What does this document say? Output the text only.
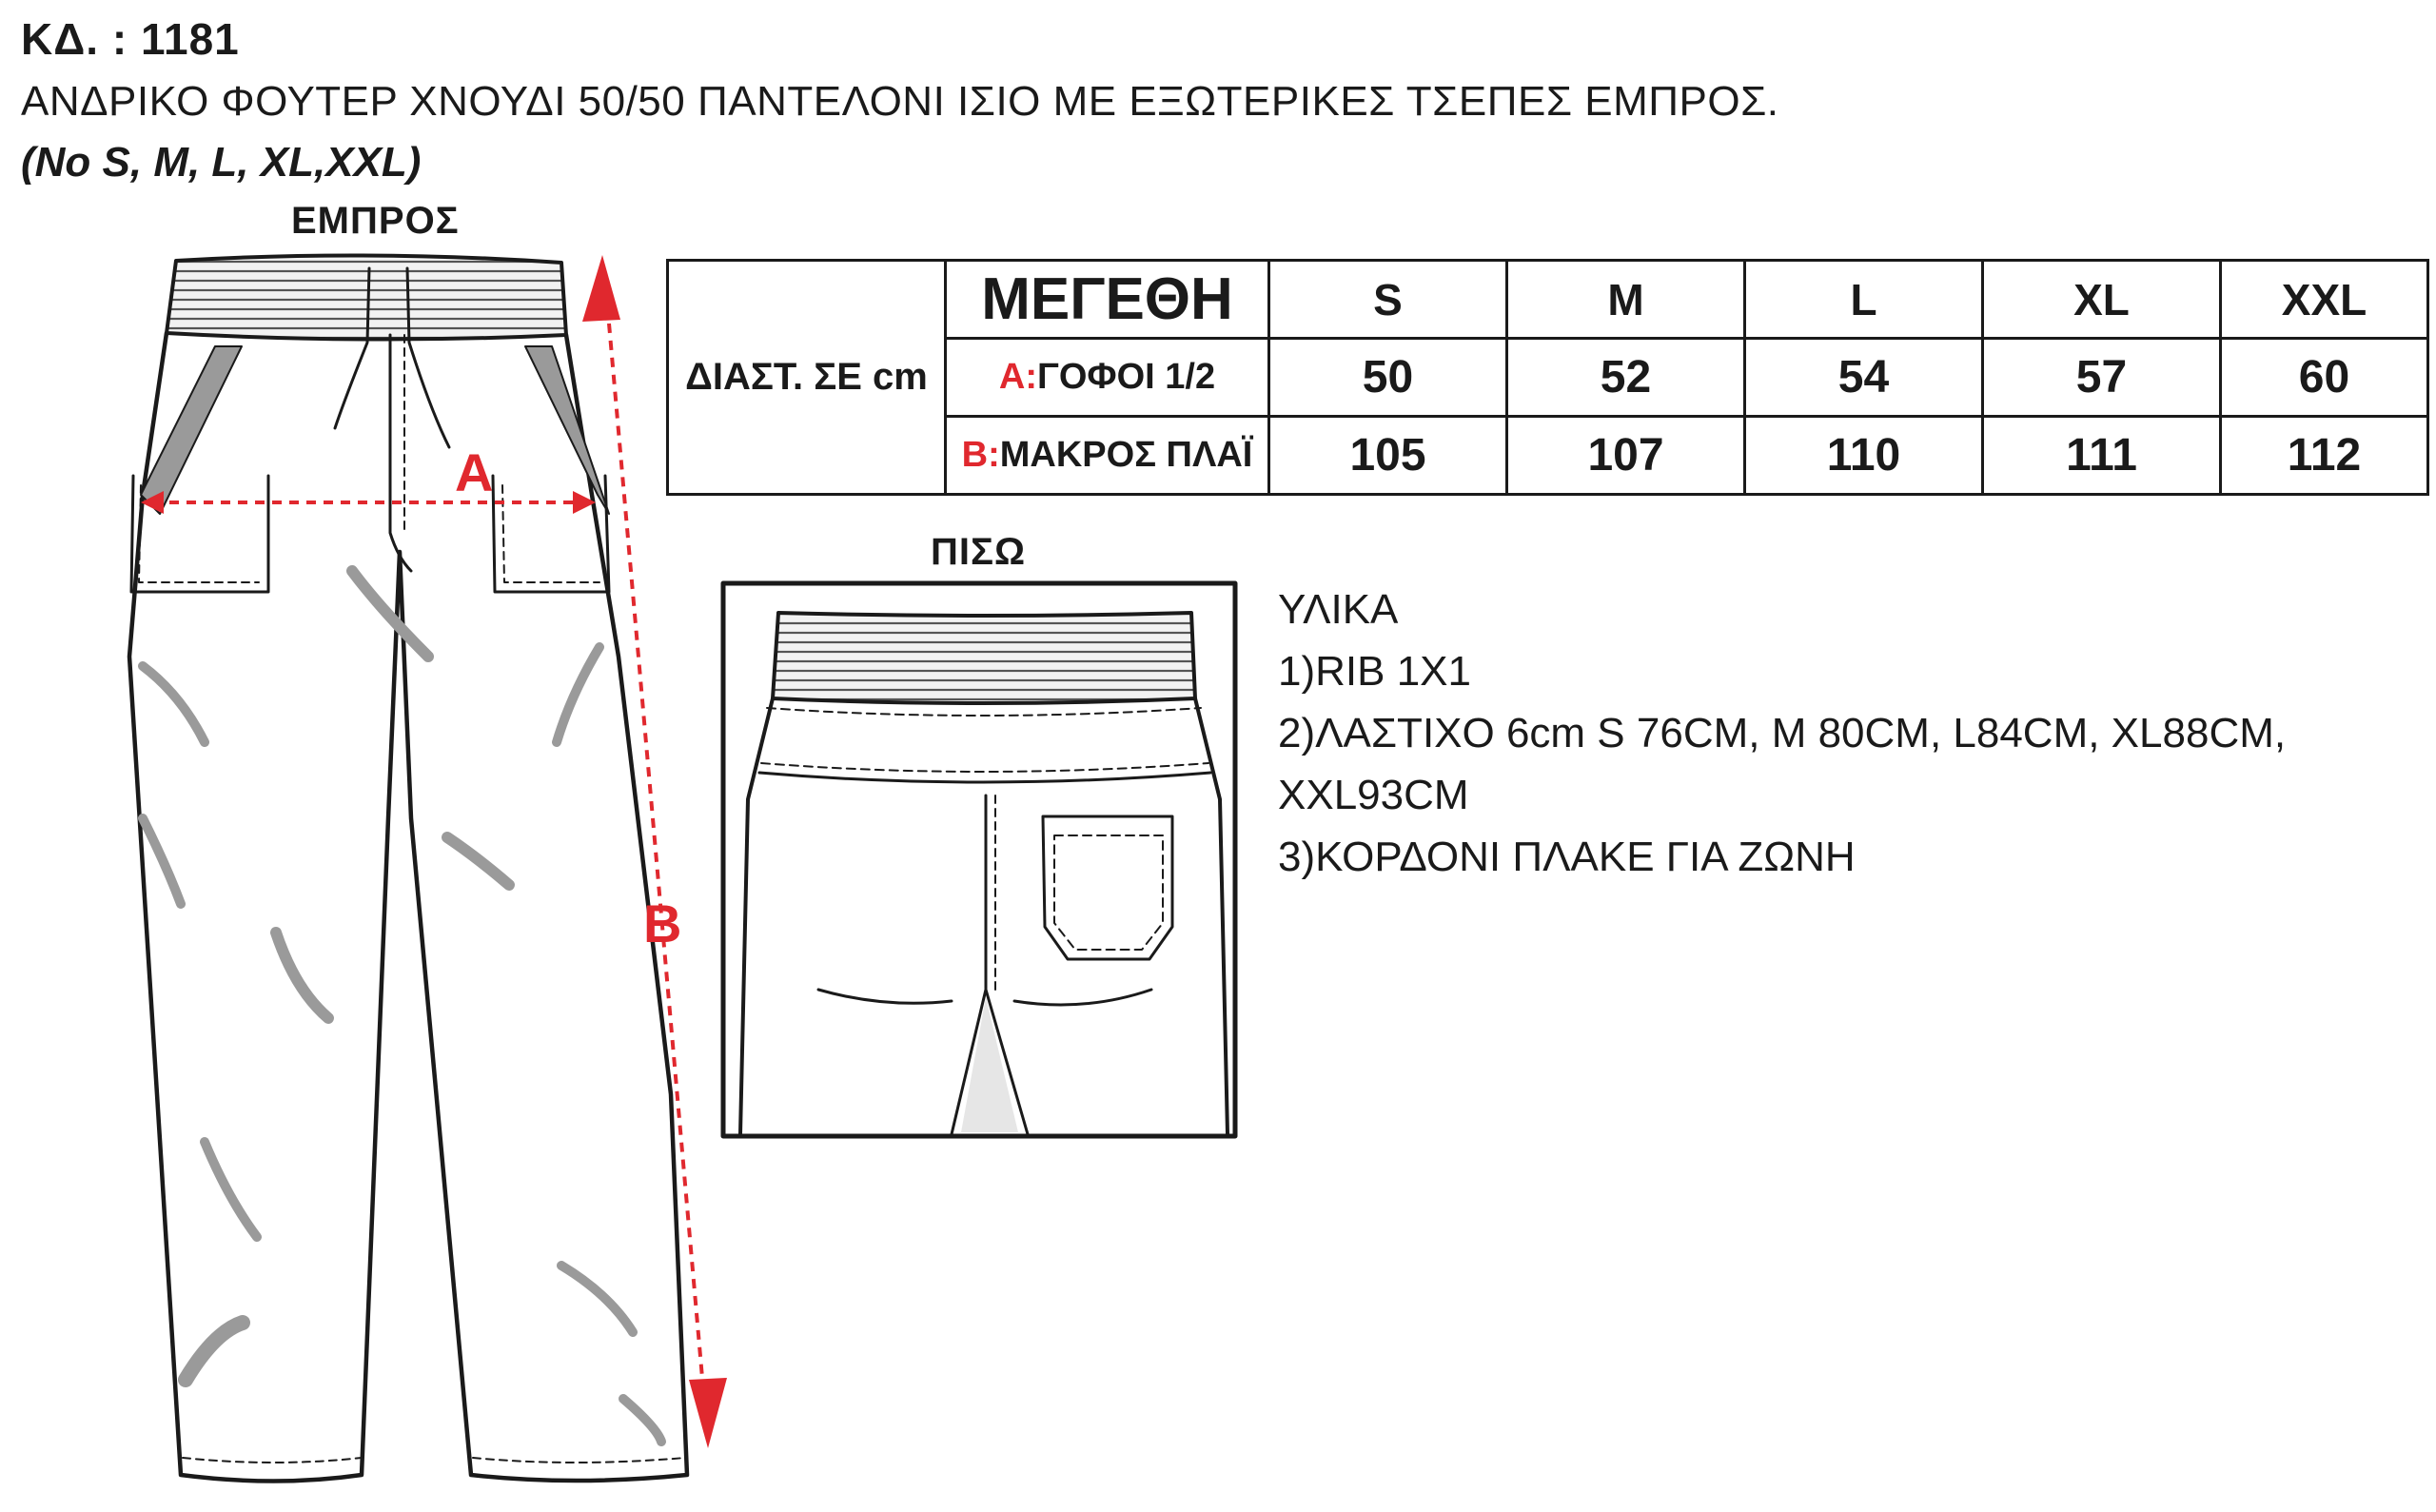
ΚΔ. : 1181
ΑΝΔΡΙΚΟ ΦΟΥΤΕΡ ΧΝΟΥΔΙ 50/50 ΠΑΝΤΕΛΟΝΙ ΙΣΙΟ ΜΕ ΕΞΩΤΕΡΙΚΕΣ ΤΣΕΠΕΣ ΕΜΠΡΟΣ.
(No S, M, L, XL,XXL)
ΕΜΠΡΟΣ
ΠΙΣΩ
A
B
ΔΙΑΣΤ. ΣΕ cm	ΜΕΓΕΘΗ	S	M	L	XL	XXL
	A:ΓΟΦΟΙ 1/2	50	52	54	57	60
	B:ΜΑΚΡΟΣ ΠΛΑΪ	105	107	110	111	112
ΥΛΙΚΑ
1)RIB 1X1
2)ΛΑΣΤΙΧΟ 6cm S 76CM, M 80CM, L84CM, XL88CM,
XXL93CM
3)ΚΟΡΔΟΝΙ ΠΛΑΚΕ ΓΙΑ ΖΩΝΗ
